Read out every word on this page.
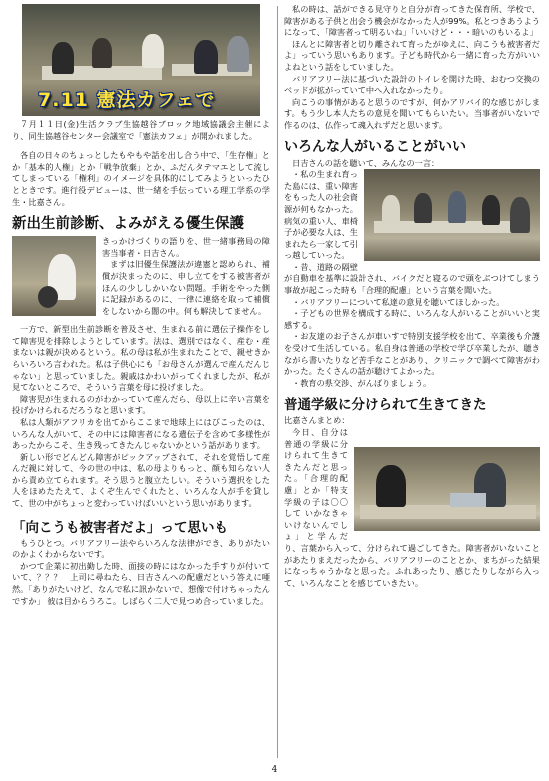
7.11 憲法カフェで

７月１１日(金)生活クラブ生協越谷ブロック地域協議会主催により、同生協越谷センター会議室で「憲法カフェ」が開かれました。

各自の日々のちょっとしたもやもや話を出し合う中で、「生存権」とか「基本的人権」とか「戦争放棄」とか、ふだんタテマエとして流してしまっている「権利」のイメージを具体的にしてみようといったひとときです。進行役デビューは、世一緒を手伝っている理工学系の学生・比嘉さん。

新出生前診断、よみがえる優生保護

きっかけづくりの語りを、世一緒事務局の障害当事者・日吉さん。

まずは旧優生保護法が違憲と認められ、補償が決まったのに、申し立てをする被害者がほんの少ししかいない問題。手術をやった側に記録があるのに、一律に連絡を取って補償をしないから闇の中。何も解決してません。

一方で、新型出生前診断を普及させ、生まれる前に選伝子操作をして障害児を排除しようとしています。法は、選別ではなく、産む・産まないは親が決めるという。私の母は私が生まれたことで、親せきからいろいろ言われた。私は子供心にも「お母さんが選んで産んだんじゃない」と思っていました。親戚はかわいがってくれましたが、私が見てないところで、そういう言葉を母に投げました。

障害児が生まれるのがわかっていて産んだら、母以上に辛い言葉を投げかけられるだろうなと思います。

私は人類がアフリカを出てからここまで地球上にはびこったのは、いろんな人がいて、その中には障害者になる遺伝子を含めて多様性があったからこそ、生き残ってきたんじゃないかという話があります。

新しい形でどんどん障害がピックアップされて、それを覚悟して産んだ親に対して、今の世の中は、私の母よりもっと、顔も知らない人から責め立てられます。そう思うと腹立たしい。そういう選択をした人をほめたたえて、よくぞ生んでくれたと、いろんな人が手を貸して、世の中がちょっと変わっていけばいいという思いがあります。

「向こうも被害者だよ」って思いも

もうひとつ。バリアフリー法やらいろんな法律ができ、ありがたいのかよくわからないです。

かつて企業に初出勤した時、面接の時にはなかった手すりが付いていて、？？？　上司に尋ねたら、日吉さんへの配慮だという答えに唖然。「ありがたいけど、なんで私に訊かないで、想像で付けちゃったんですか」 彼は目からうろこ。しばらく二人で見つめ合っていました。

私の時は、話ができる見守りと自分が育ってきた保育所、学校で、障害がある子供と出会う機会がなかった人が99%。私とつきあうようになって、「障害者って明るいね」「いいけど・・・暗いのもいるよ」

ほんとに障害者と切り離されて育ったがゆえに、向こうも被害者だよ」っていう思いもあります。子ども時代から一緒に育った方がいいよねという話をしていました。

バリアフリー法に基づいた設計のトイレを開けた時、おむつ交換のベッドが拡がっていて中へ入れなかったり。

向こうの事情があると思うのですが、何かアリバイ的な感じがします。もう少し本人たちの意見を聞いてもらいたい。当事者がいないで作るのは、仏作って魂入れずだと思います。

いろんな人がいることがいい

日吉さんの話を聴いて、みんなの一言：

・私の生まれ育った島には、重い障害をもった人の社会資源が何もなかった。病気の重い人、車椅子が必要な人は、生まれたら一家して引っ越していった。

・昔、道路の隔壁が自動車を基準に設計され、バイクだと寝るので頭をぶつけてしまう事故が起こった時も「合理的配慮」という言葉を聞いた。

・バリアフリーについて私達の意見を聴いてほしかった。

・子どもの世界を構成する時に、いろんな人がいることがいいと実感する。

・お友達のお子さんが車いすで特別支援学校を出て、卒業後も介護を受けて生活している。私自身は普通の学校で学び卒業したが、聴きながら書いたりなど苦手なことがあり、クリニックで調べて障害がわかった。たくさんの話が聴けてよかった。

・教育の県交渉、がんばりましょう。

普通学級に分けられて生きてきた

比嘉さんまとめ：

今日、自分は普通の学級に分けられて生きてきたんだと思った。「合理的配慮」とか「特支学級の子は〇〇して いかなきゃいけないんでしょ」と学んだり、言葉から入って、分けられて過ごしてきた。障害者がいないことがあたりまえだったから、バリアフリーのこととか、まちがった結果になっちゃうかなと思った。ふれあったり、感じたりしながら入って、いろんなことを感じていきたい。

4
